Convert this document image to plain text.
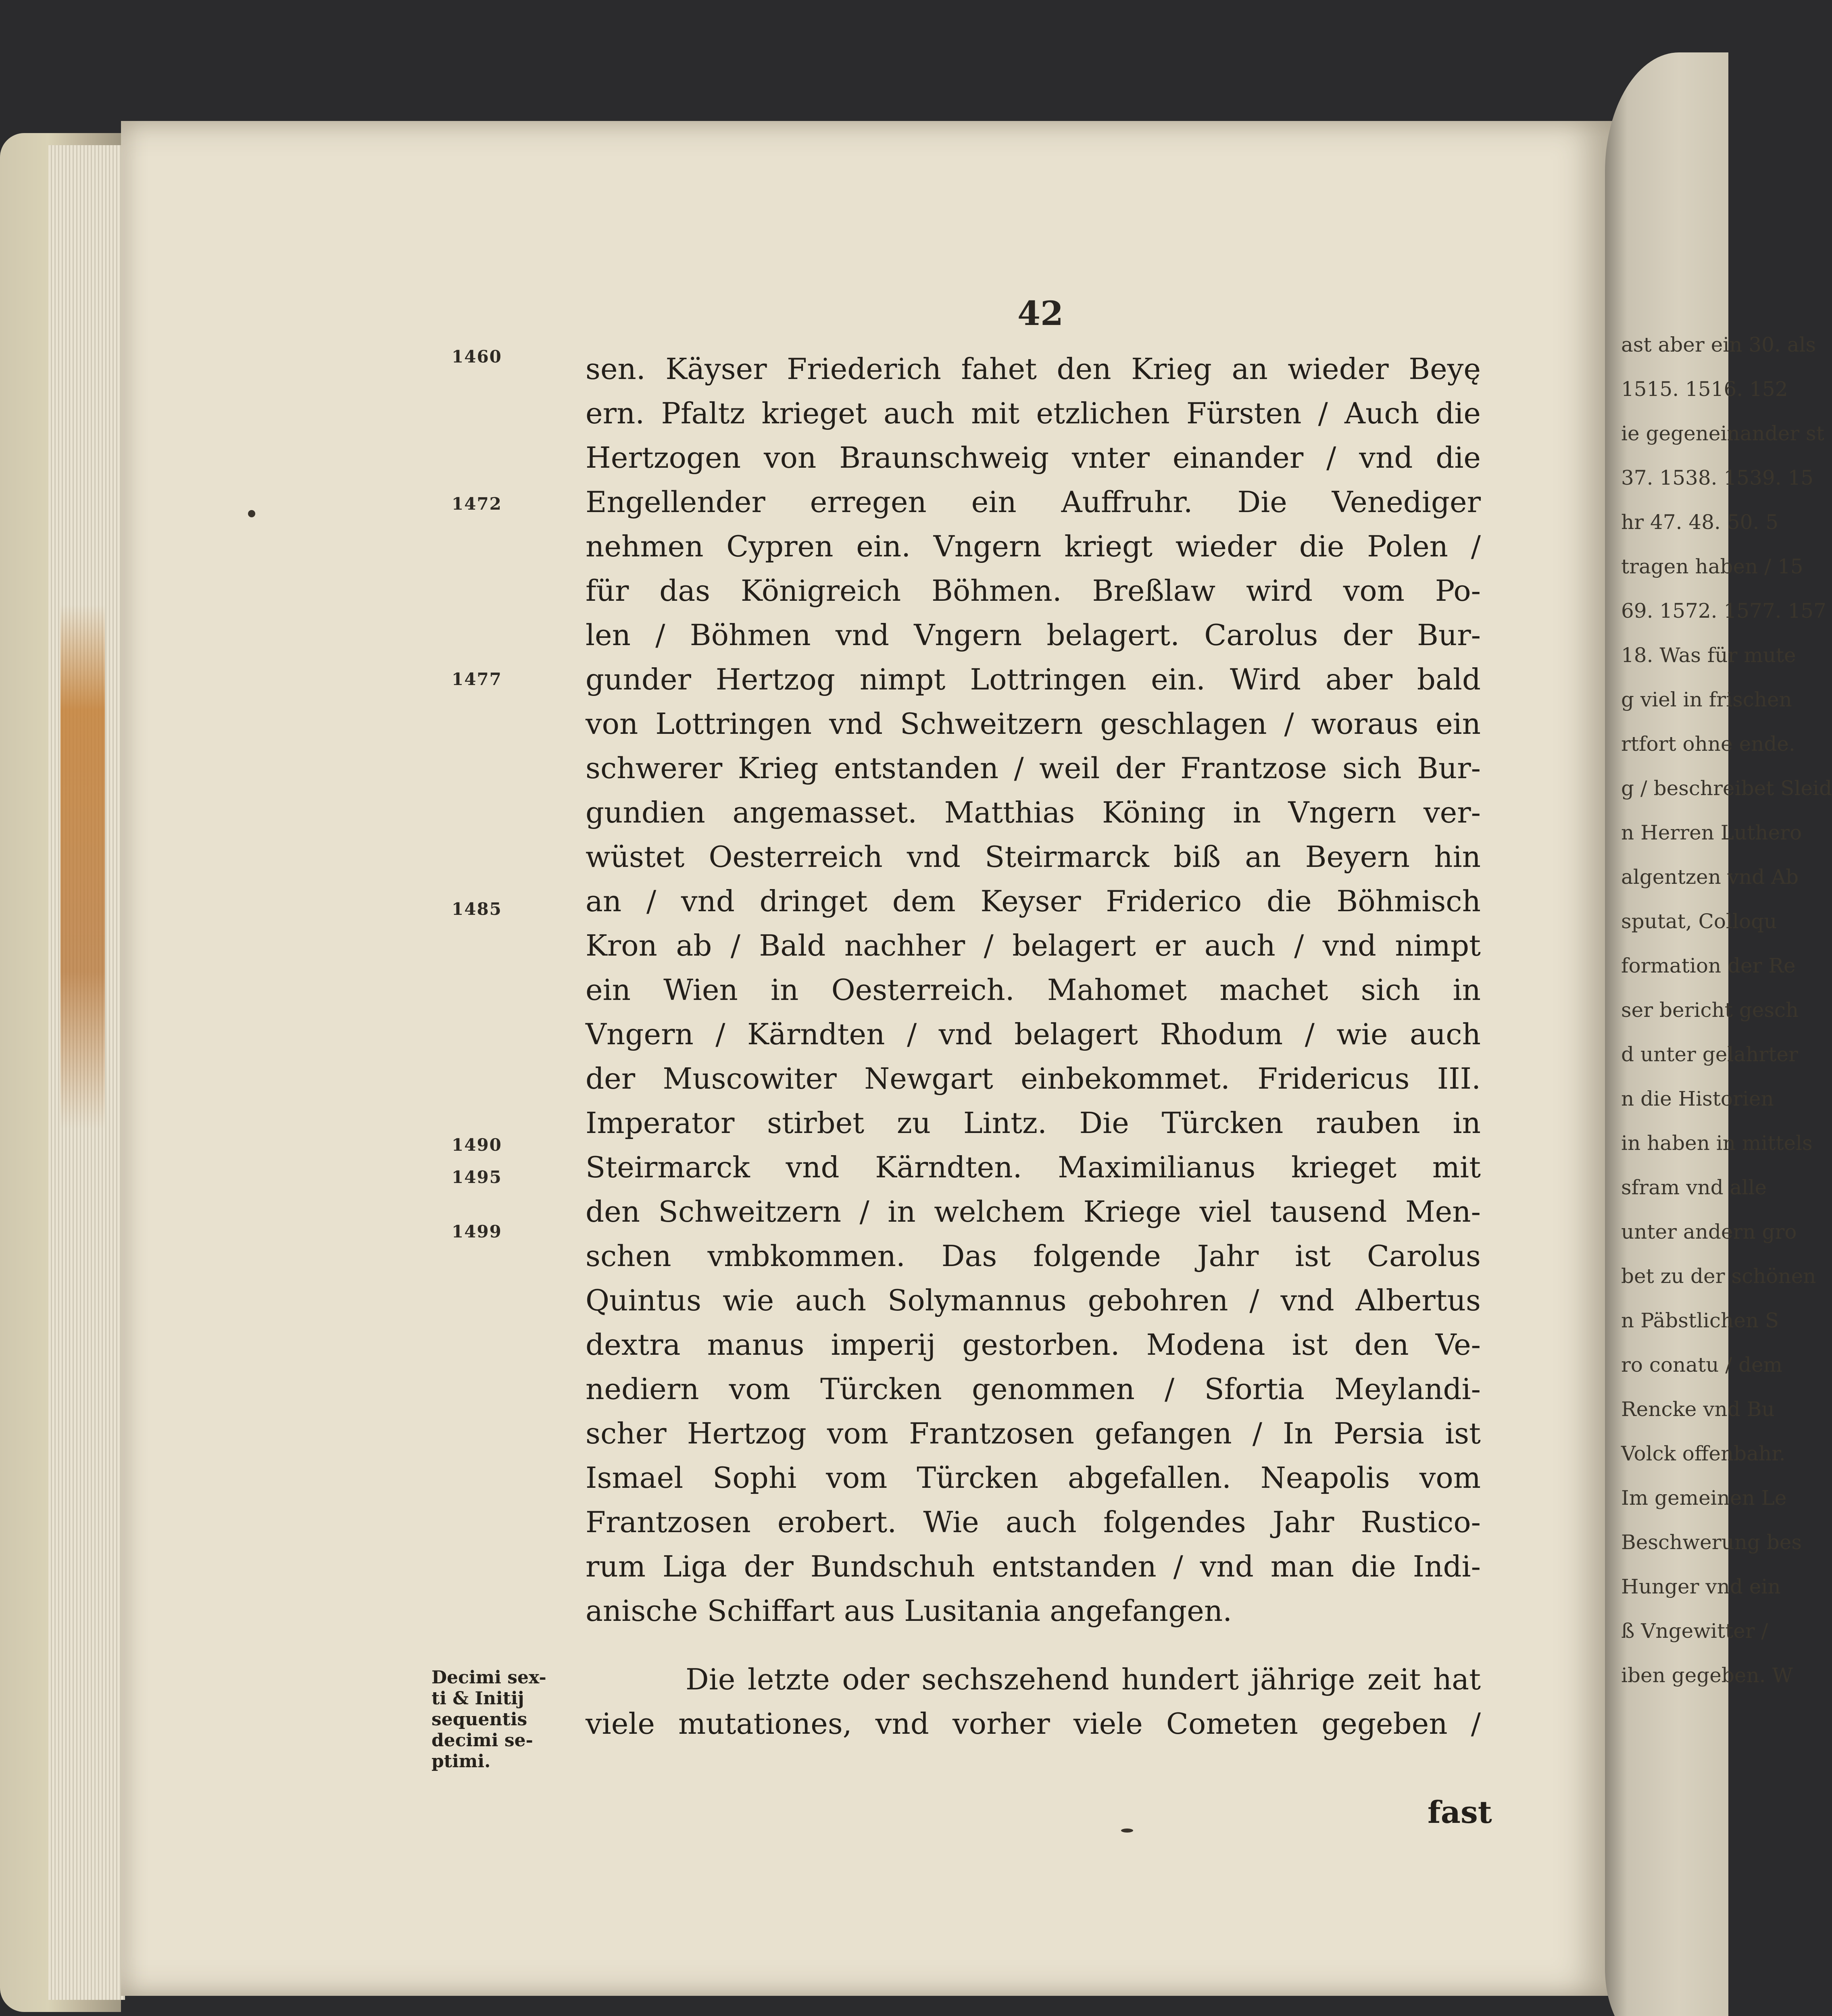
ast aber ein 30. als
1515. 1516. 152
ie gegeneinander st
37. 1538. 1539. 15
hr 47. 48. 50. 5
tragen haben / 15
69. 1572. 1577. 157
18. Was für mute
g viel in frischen
rtfort ohne ende.
g / beschreibet Sleid
n Herren Luthero
algentzen vnd Ab
sputat, Colloqu
formation der Re
ser bericht gesch
d unter gelahrter
n die Historien
in haben in mittels
sfram vnd alle
unter andern gro
bet zu der schönen
n Päbstlichen S
ro conatu / dem
Rencke vnd Bu
Volck offenbahr.
Im gemeinen Le
Beschwerung bes
Hunger vnd ein
ß Vngewitter /
iben gegeben. W
42
1460
1472
1477
1485
1490
1495
1499
sen. Käyser Friederich fahet den Krieg an wieder Beyę
ern. Pfaltz krieget auch mit etzlichen Fürsten / Auch die
Hertzogen von Braunschweig vnter einander / vnd die
Engellender erregen ein Auffruhr. Die Venediger
nehmen Cypren ein. Vngern kriegt wieder die Polen /
für das Königreich Böhmen. Breßlaw wird vom Po-
len / Böhmen vnd Vngern belagert. Carolus der Bur-
gunder Hertzog nimpt Lottringen ein. Wird aber bald
von Lottringen vnd Schweitzern geschlagen / woraus ein
schwerer Krieg entstanden / weil der Frantzose sich Bur-
gundien angemasset. Matthias Köning in Vngern ver-
wüstet Oesterreich vnd Steirmarck biß an Beyern hin
an / vnd dringet dem Keyser Friderico die Böhmisch
Kron ab / Bald nachher / belagert er auch / vnd nimpt
ein Wien in Oesterreich. Mahomet machet sich in
Vngern / Kärndten / vnd belagert Rhodum / wie auch
der Muscowiter Newgart einbekommet. Fridericus III.
Imperator stirbet zu Lintz. Die Türcken rauben in
Steirmarck vnd Kärndten. Maximilianus krieget mit
den Schweitzern / in welchem Kriege viel tausend Men-
schen vmbkommen. Das folgende Jahr ist Carolus
Quintus wie auch Solymannus gebohren / vnd Albertus
dextra manus imperij gestorben. Modena ist den Ve-
nediern vom Türcken genommen / Sfortia Meylandi-
scher Hertzog vom Frantzosen gefangen / In Persia ist
Ismael Sophi vom Türcken abgefallen. Neapolis vom
Frantzosen erobert. Wie auch folgendes Jahr Rustico-
rum Liga der Bundschuh entstanden / vnd man die Indi-
anische Schiffart aus Lusitania angefangen.
Die letzte oder sechszehend hundert jährige zeit hat
viele mutationes, vnd vorher viele Cometen gegeben /
Decimi sex-
ti & Initij
sequentis
decimi se-
ptimi.
fast
